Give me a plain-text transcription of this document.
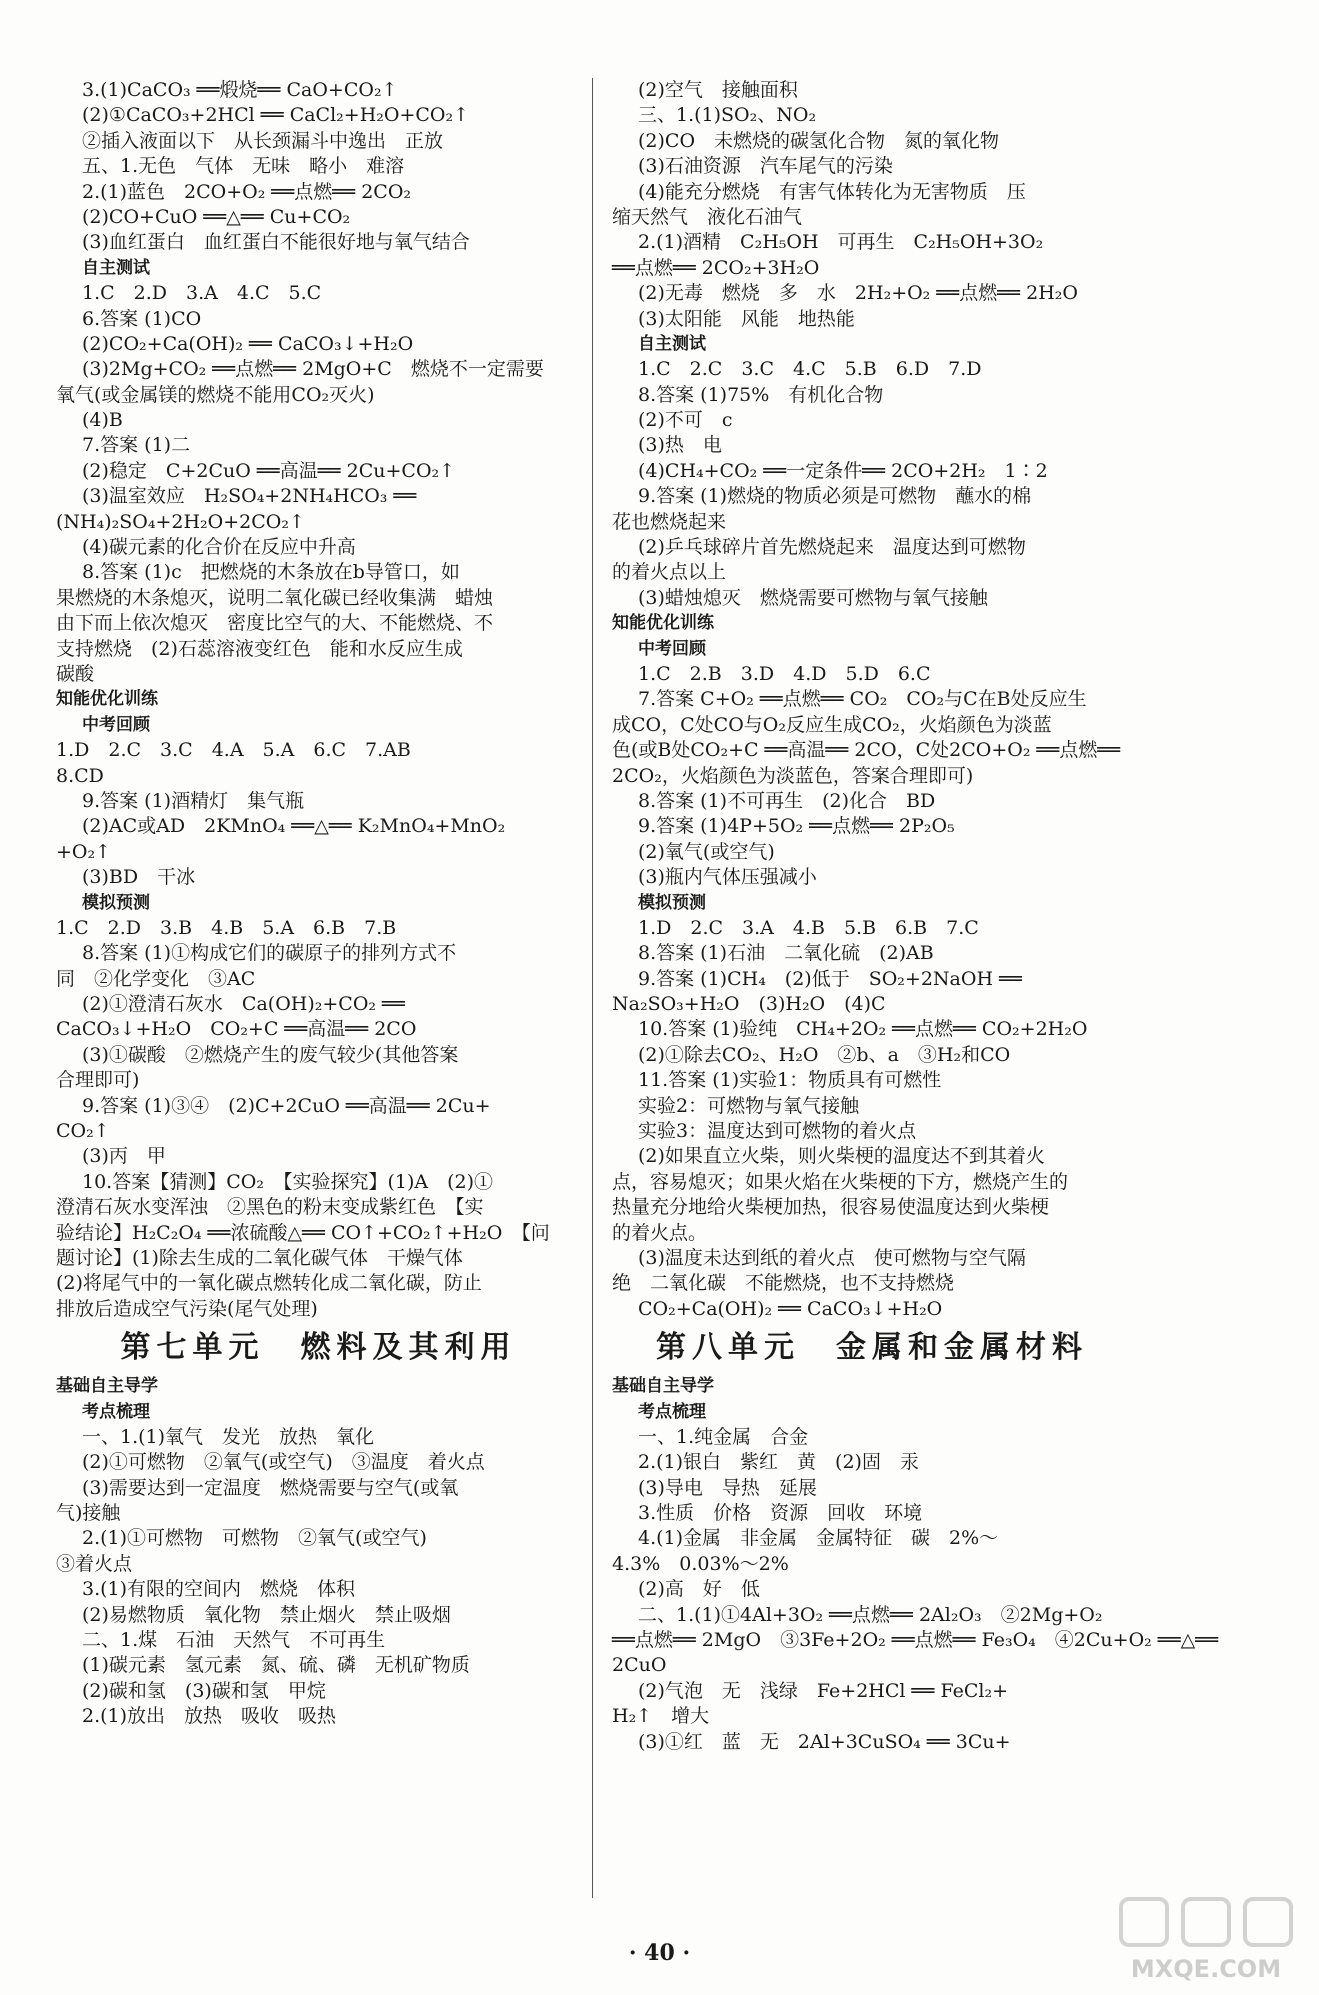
3.(1)CaCO₃ ══煅烧══ CaO+CO₂↑
(2)①CaCO₃+2HCl ══ CaCl₂+H₂O+CO₂↑
②插入液面以下　从长颈漏斗中逸出　正放
五、1.无色　气体　无味　略小　难溶
2.(1)蓝色　2CO+O₂ ══点燃══ 2CO₂
(2)CO+CuO ══△══ Cu+CO₂
(3)血红蛋白　血红蛋白不能很好地与氧气结合
自主测试
1.C　2.D　3.A　4.C　5.C
6.答案 (1)CO
(2)CO₂+Ca(OH)₂ ══ CaCO₃↓+H₂O
(3)2Mg+CO₂ ══点燃══ 2MgO+C　燃烧不一定需要
氧气(或金属镁的燃烧不能用CO₂灭火)
(4)B
7.答案 (1)二
(2)稳定　C+2CuO ══高温══ 2Cu+CO₂↑
(3)温室效应　H₂SO₄+2NH₄HCO₃ ══
(NH₄)₂SO₄+2H₂O+2CO₂↑
(4)碳元素的化合价在反应中升高
8.答案 (1)c　把燃烧的木条放在b导管口，如
果燃烧的木条熄灭，说明二氧化碳已经收集满　蜡烛
由下而上依次熄灭　密度比空气的大、不能燃烧、不
支持燃烧　(2)石蕊溶液变红色　能和水反应生成
碳酸
知能优化训练
中考回顾
1.D　2.C　3.C　4.A　5.A　6.C　7.AB
8.CD
9.答案 (1)酒精灯　集气瓶
(2)AC或AD　2KMnO₄ ══△══ K₂MnO₄+MnO₂
+O₂↑
(3)BD　干冰
模拟预测
1.C　2.D　3.B　4.B　5.A　6.B　7.B
8.答案 (1)①构成它们的碳原子的排列方式不
同　②化学变化　③AC
(2)①澄清石灰水　Ca(OH)₂+CO₂ ══
CaCO₃↓+H₂O　CO₂+C ══高温══ 2CO
(3)①碳酸　②燃烧产生的废气较少(其他答案
合理即可)
9.答案 (1)③④　(2)C+2CuO ══高温══ 2Cu+
CO₂↑
(3)丙　甲
10.答案【猜测】CO₂　【实验探究】(1)A　(2)①
澄清石灰水变浑浊　②黑色的粉末变成紫红色　【实
验结论】H₂C₂O₄ ══浓硫酸△══ CO↑+CO₂↑+H₂O　【问
题讨论】(1)除去生成的二氧化碳气体　干燥气体
(2)将尾气中的一氧化碳点燃转化成二氧化碳，防止
排放后造成空气污染(尾气处理)
第七单元　燃料及其利用
基础自主导学
考点梳理
一、1.(1)氧气　发光　放热　氧化
(2)①可燃物　②氧气(或空气)　③温度　着火点
(3)需要达到一定温度　燃烧需要与空气(或氧
气)接触
2.(1)①可燃物　可燃物　②氧气(或空气)
③着火点
3.(1)有限的空间内　燃烧　体积
(2)易燃物质　氧化物　禁止烟火　禁止吸烟
二、1.煤　石油　天然气　不可再生
(1)碳元素　氢元素　氮、硫、磷　无机矿物质
(2)碳和氢　(3)碳和氢　甲烷
2.(1)放出　放热　吸收　吸热
(2)空气　接触面积
三、1.(1)SO₂、NO₂
(2)CO　未燃烧的碳氢化合物　氮的氧化物
(3)石油资源　汽车尾气的污染
(4)能充分燃烧　有害气体转化为无害物质　压
缩天然气　液化石油气
2.(1)酒精　C₂H₅OH　可再生　C₂H₅OH+3O₂
══点燃══ 2CO₂+3H₂O
(2)无毒　燃烧　多　水　2H₂+O₂ ══点燃══ 2H₂O
(3)太阳能　风能　地热能
自主测试
1.C　2.C　3.C　4.C　5.B　6.D　7.D
8.答案 (1)75%　有机化合物
(2)不可　c
(3)热　电
(4)CH₄+CO₂ ══一定条件══ 2CO+2H₂　1∶2
9.答案 (1)燃烧的物质必须是可燃物　蘸水的棉
花也燃烧起来
(2)乒乓球碎片首先燃烧起来　温度达到可燃物
的着火点以上
(3)蜡烛熄灭　燃烧需要可燃物与氧气接触
知能优化训练
中考回顾
1.C　2.B　3.D　4.D　5.D　6.C
7.答案 C+O₂ ══点燃══ CO₂　CO₂与C在B处反应生
成CO，C处CO与O₂反应生成CO₂，火焰颜色为淡蓝
色(或B处CO₂+C ══高温══ 2CO，C处2CO+O₂ ══点燃══
2CO₂，火焰颜色为淡蓝色，答案合理即可)
8.答案 (1)不可再生　(2)化合　BD
9.答案 (1)4P+5O₂ ══点燃══ 2P₂O₅
(2)氧气(或空气)
(3)瓶内气体压强减小
模拟预测
1.D　2.C　3.A　4.B　5.B　6.B　7.C
8.答案 (1)石油　二氧化硫　(2)AB
9.答案 (1)CH₄　(2)低于　SO₂+2NaOH ══
Na₂SO₃+H₂O　(3)H₂O　(4)C
10.答案 (1)验纯　CH₄+2O₂ ══点燃══ CO₂+2H₂O
(2)①除去CO₂、H₂O　②b、a　③H₂和CO
11.答案 (1)实验1：物质具有可燃性
实验2：可燃物与氧气接触
实验3：温度达到可燃物的着火点
(2)如果直立火柴，则火柴梗的温度达不到其着火
点，容易熄灭；如果火焰在火柴梗的下方，燃烧产生的
热量充分地给火柴梗加热，很容易使温度达到火柴梗
的着火点。
(3)温度未达到纸的着火点　使可燃物与空气隔
绝　二氧化碳　不能燃烧，也不支持燃烧
CO₂+Ca(OH)₂ ══ CaCO₃↓+H₂O
第八单元　金属和金属材料
基础自主导学
考点梳理
一、1.纯金属　合金
2.(1)银白　紫红　黄　(2)固　汞
(3)导电　导热　延展
3.性质　价格　资源　回收　环境
4.(1)金属　非金属　金属特征　碳　2%～
4.3%　0.03%～2%
(2)高　好　低
二、1.(1)①4Al+3O₂ ══点燃══ 2Al₂O₃　②2Mg+O₂
══点燃══ 2MgO　③3Fe+2O₂ ══点燃══ Fe₃O₄　④2Cu+O₂ ══△══
2CuO
(2)气泡　无　浅绿　Fe+2HCl ══ FeCl₂+
H₂↑　增大
(3)①红　蓝　无　2Al+3CuSO₄ ══ 3Cu+
· 40 ·
MXQE.COM
